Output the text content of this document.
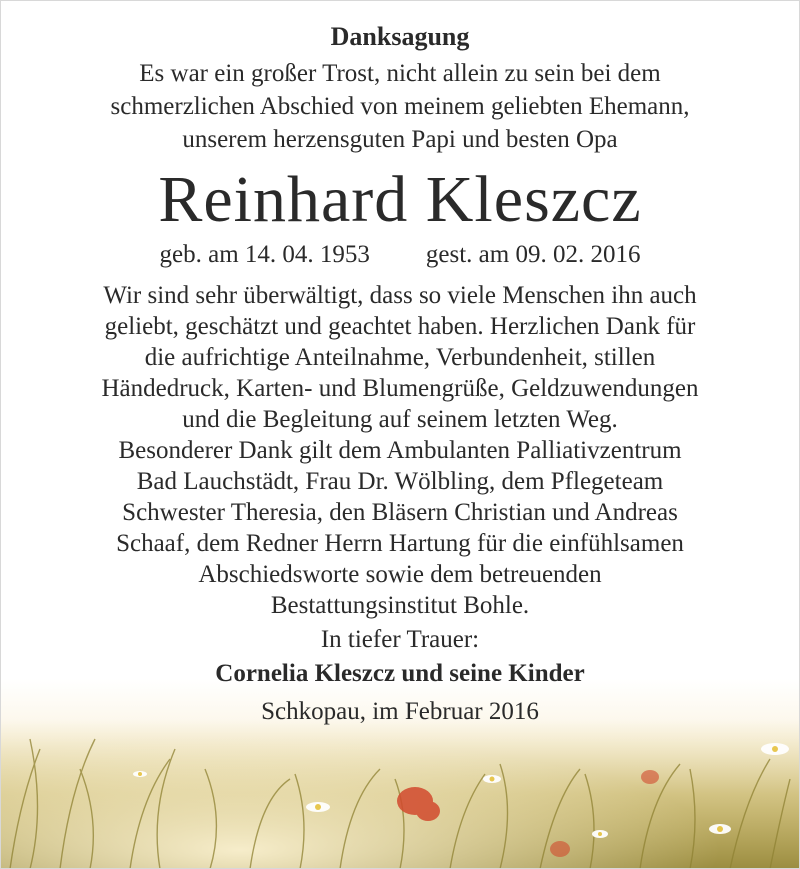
Danksagung
Es war ein großer Trost, nicht allein zu sein bei dem
schmerzlichen Abschied von meinem geliebten Ehemann,
unserem herzensguten Papi und besten Opa
Reinhard Kleszcz
geb. am 14. 04. 1953 gest. am 09. 02. 2016
Wir sind sehr überwältigt, dass so viele Menschen ihn auch
geliebt, geschätzt und geachtet haben. Herzlichen Dank für
die aufrichtige Anteilnahme, Verbundenheit, stillen
Händedruck, Karten- und Blumengrüße, Geldzuwendungen
und die Begleitung auf seinem letzten Weg.
Besonderer Dank gilt dem Ambulanten Palliativzentrum
Bad Lauchstädt, Frau Dr. Wölbling, dem Pflegeteam
Schwester Theresia, den Bläsern Christian und Andreas
Schaaf, dem Redner Herrn Hartung für die einfühlsamen
Abschiedsworte sowie dem betreuenden
Bestattungsinstitut Bohle.
In tiefer Trauer:
Cornelia Kleszcz und seine Kinder
Schkopau, im Februar 2016
